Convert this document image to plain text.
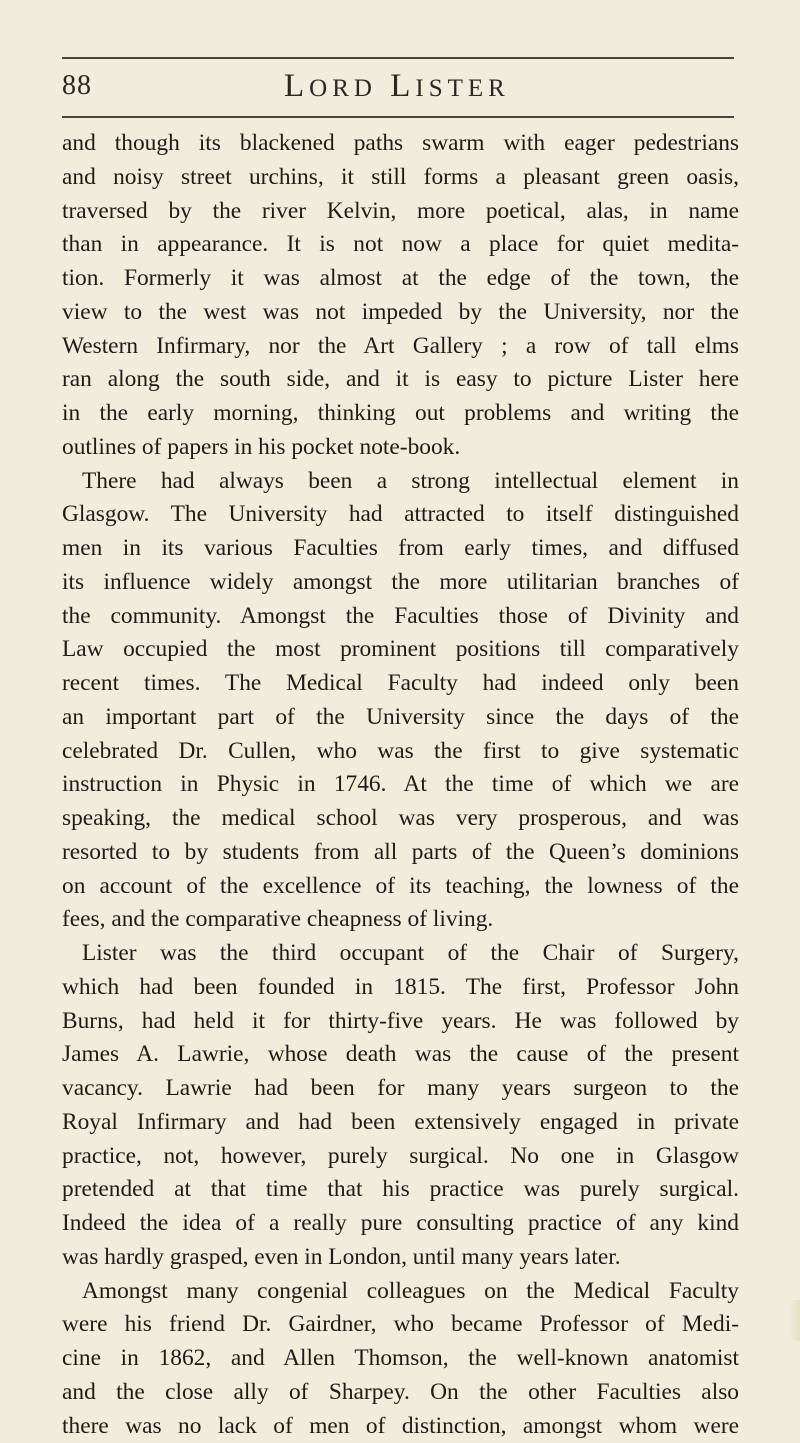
88	LORD LISTER
and though its blackened paths swarm with eager pedestrians
and noisy street urchins, it still forms a pleasant green oasis,
traversed by the river Kelvin, more poetical, alas, in name
than in appearance. It is not now a place for quiet medita-
tion. Formerly it was almost at the edge of the town, the
view to the west was not impeded by the University, nor the
Western Infirmary, nor the Art Gallery ; a row of tall elms
ran along the south side, and it is easy to picture Lister here
in the early morning, thinking out problems and writing the
outlines of papers in his pocket note-book.
There had always been a strong intellectual element in
Glasgow. The University had attracted to itself distinguished
men in its various Faculties from early times, and diffused
its influence widely amongst the more utilitarian branches of
the community. Amongst the Faculties those of Divinity and
Law occupied the most prominent positions till comparatively
recent times. The Medical Faculty had indeed only been
an important part of the University since the days of the
celebrated Dr. Cullen, who was the first to give systematic
instruction in Physic in 1746. At the time of which we are
speaking, the medical school was very prosperous, and was
resorted to by students from all parts of the Queen’s dominions
on account of the excellence of its teaching, the lowness of the
fees, and the comparative cheapness of living.
Lister was the third occupant of the Chair of Surgery,
which had been founded in 1815. The first, Professor John
Burns, had held it for thirty-five years. He was followed by
James A. Lawrie, whose death was the cause of the present
vacancy. Lawrie had been for many years surgeon to the
Royal Infirmary and had been extensively engaged in private
practice, not, however, purely surgical. No one in Glasgow
pretended at that time that his practice was purely surgical.
Indeed the idea of a really pure consulting practice of any kind
was hardly grasped, even in London, until many years later.
Amongst many congenial colleagues on the Medical Faculty
were his friend Dr. Gairdner, who became Professor of Medi-
cine in 1862, and Allen Thomson, the well-known anatomist
and the close ally of Sharpey. On the other Faculties also
there was no lack of men of distinction, amongst whom were
